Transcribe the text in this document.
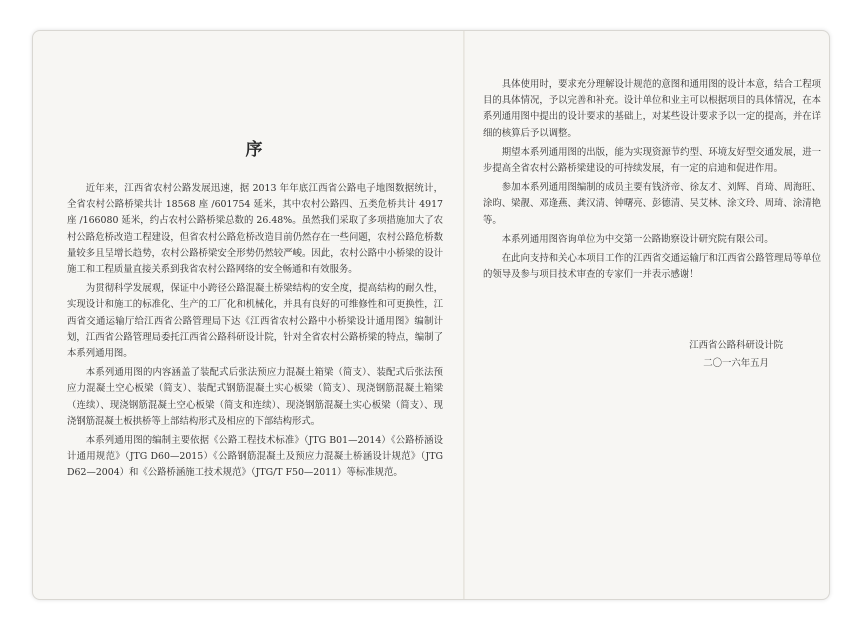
序

近年来，江西省农村公路发展迅速，据 2013 年年底江西省公路电子地图数据统计，全省农村公路桥梁共计 18568 座 /601754 延米，其中农村公路四、五类危桥共计 4917 座 /166080 延米，约占农村公路桥梁总数的 26.48%。虽然我们采取了多项措施加大了农村公路危桥改造工程建设，但省农村公路危桥改造目前仍然存在一些问题，农村公路危桥数量较多且呈增长趋势，农村公路桥梁安全形势仍然较严峻。因此，农村公路中小桥梁的设计施工和工程质量直接关系到我省农村公路网络的安全畅通和有效服务。

为贯彻科学发展观，保证中小跨径公路混凝土桥梁结构的安全度，提高结构的耐久性，实现设计和施工的标准化、生产的工厂化和机械化，并具有良好的可维修性和可更换性，江西省交通运输厅给江西省公路管理局下达《江西省农村公路中小桥梁设计通用图》编制计划，江西省公路管理局委托江西省公路科研设计院，针对全省农村公路桥梁的特点，编制了本系列通用图。

本系列通用图的内容涵盖了装配式后张法预应力混凝土箱梁（简支）、装配式后张法预应力混凝土空心板梁（简支）、装配式钢筋混凝土实心板梁（简支）、现浇钢筋混凝土箱梁（连续）、现浇钢筋混凝土空心板梁（简支和连续）、现浇钢筋混凝土实心板梁（简支）、现浇钢筋混凝土板拱桥等上部结构形式及相应的下部结构形式。

本系列通用图的编制主要依据《公路工程技术标准》（JTG B01—2014）《公路桥涵设计通用规范》（JTG D60—2015）《公路钢筋混凝土及预应力混凝土桥涵设计规范》（JTG D62—2004）和《公路桥涵施工技术规范》（JTG/T F50—2011）等标准规范。

具体使用时，要求充分理解设计规范的意图和通用图的设计本意，结合工程项目的具体情况，予以完善和补充。设计单位和业主可以根据项目的具体情况，在本系列通用图中提出的设计要求的基础上，对某些设计要求予以一定的提高，并在详细的核算后予以调整。

期望本系列通用图的出版，能为实现资源节约型、环境友好型交通发展，进一步提高全省农村公路桥梁建设的可持续发展，有一定的启迪和促进作用。

参加本系列通用图编制的成员主要有钱济帝、徐友才、刘辉、肖琦、周海旺、涂昀、梁靓、邓逢燕、龚汉清、钟曙亮、彭德清、吴艾林、涂文玲、周琦、涂清艳等。

本系列通用图咨询单位为中交第一公路勘察设计研究院有限公司。

在此向支持和关心本项目工作的江西省交通运输厅和江西省公路管理局等单位的领导及参与项目技术审查的专家们一并表示感谢！

江西省公路科研设计院
二〇一六年五月
